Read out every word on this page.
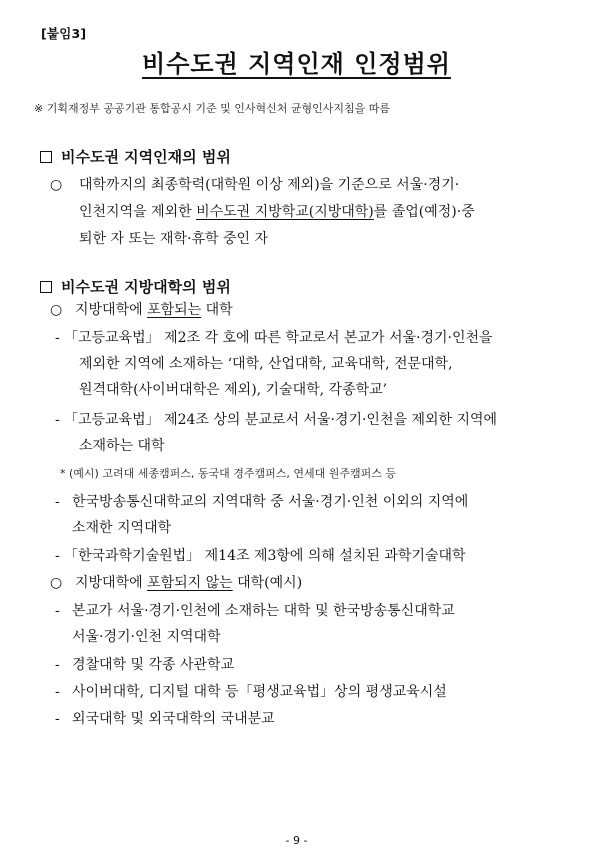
[붙임3]
비수도권 지역인재 인정범위
※ 기획재정부 공공기관 통합공시 기준 및 인사혁신처 균형인사지침을 따름
비수도권 지역인재의 범위
○ 대학까지의 최종학력(대학원 이상 제외)을 기준으로 서울·경기·
인천지역을 제외한 비수도권 지방학교(지방대학)를 졸업(예정)·중
퇴한 자 또는 재학·휴학 중인 자
비수도권 지방대학의 범위
○ 지방대학에 포함되는 대학
- 「고등교육법」 제2조 각 호에 따른 학교로서 본교가 서울·경기·인천을
제외한 지역에 소재하는 ‘대학, 산업대학, 교육대학, 전문대학,
원격대학(사이버대학은 제외), 기술대학, 각종학교’
- 「고등교육법」 제24조 상의 분교로서 서울·경기·인천을 제외한 지역에
소재하는 대학
* (예시) 고려대 세종캠퍼스, 동국대 경주캠퍼스, 연세대 원주캠퍼스 등
- 한국방송통신대학교의 지역대학 중 서울·경기·인천 이외의 지역에
소재한 지역대학
- 「한국과학기술원법」 제14조 제3항에 의해 설치된 과학기술대학
○ 지방대학에 포함되지 않는 대학(예시)
- 본교가 서울·경기·인천에 소재하는 대학 및 한국방송통신대학교
서울·경기·인천 지역대학
- 경찰대학 및 각종 사관학교
- 사이버대학, 디지털 대학 등「평생교육법」상의 평생교육시설
- 외국대학 및 외국대학의 국내분교
- 9 -
